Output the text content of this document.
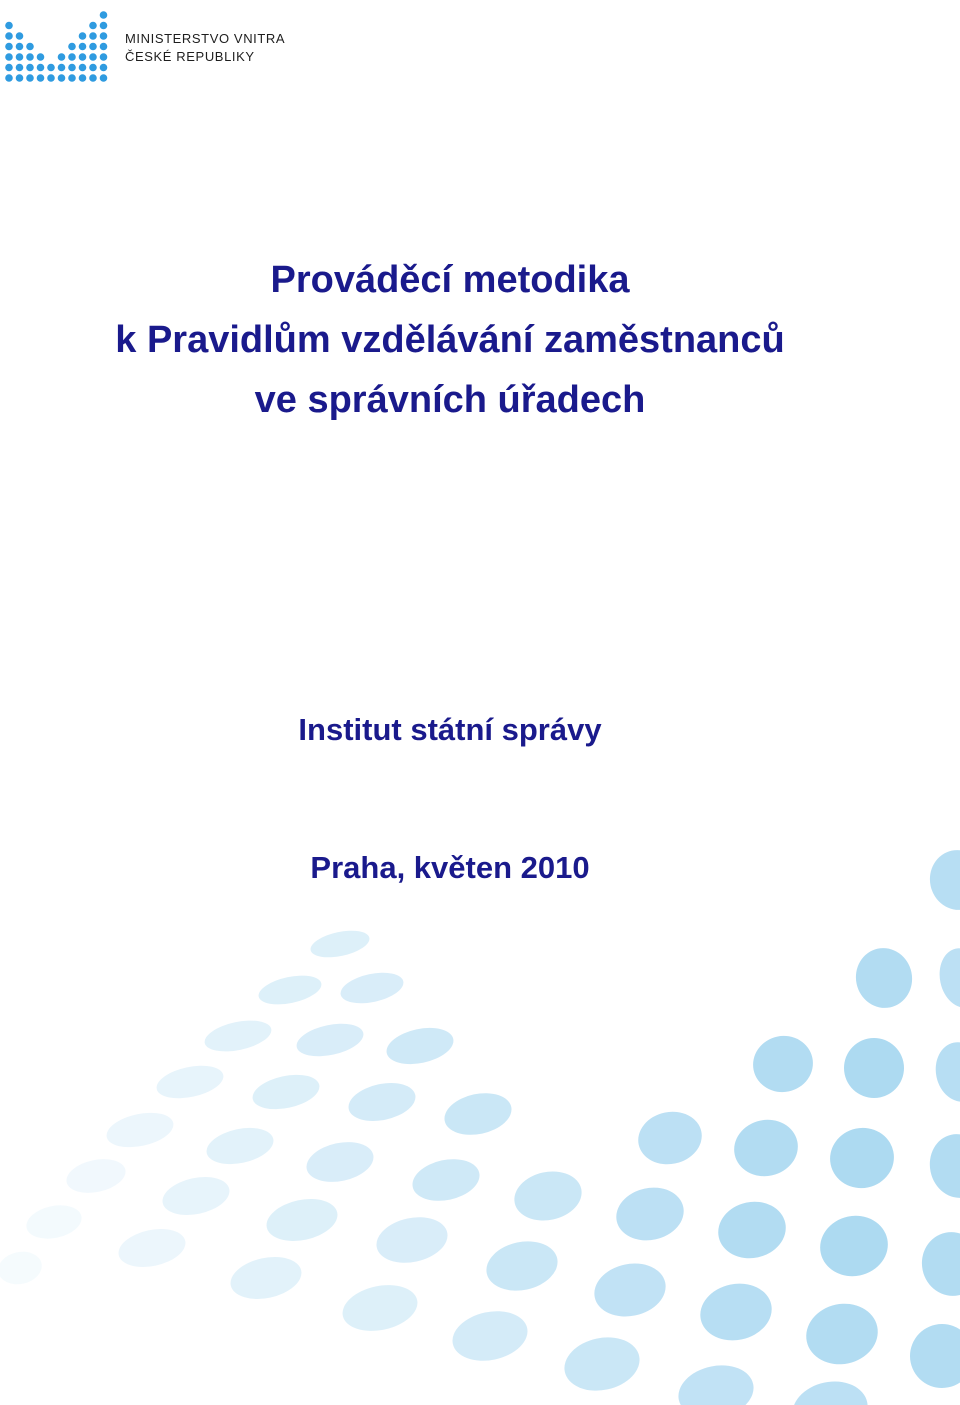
MINISTERSTVO VNITRA
ČESKÉ REPUBLIKY
Prováděcí metodika
k Pravidlům vzdělávání zaměstnanců
ve správních úřadech
Institut státní správy
Praha, květen 2010
